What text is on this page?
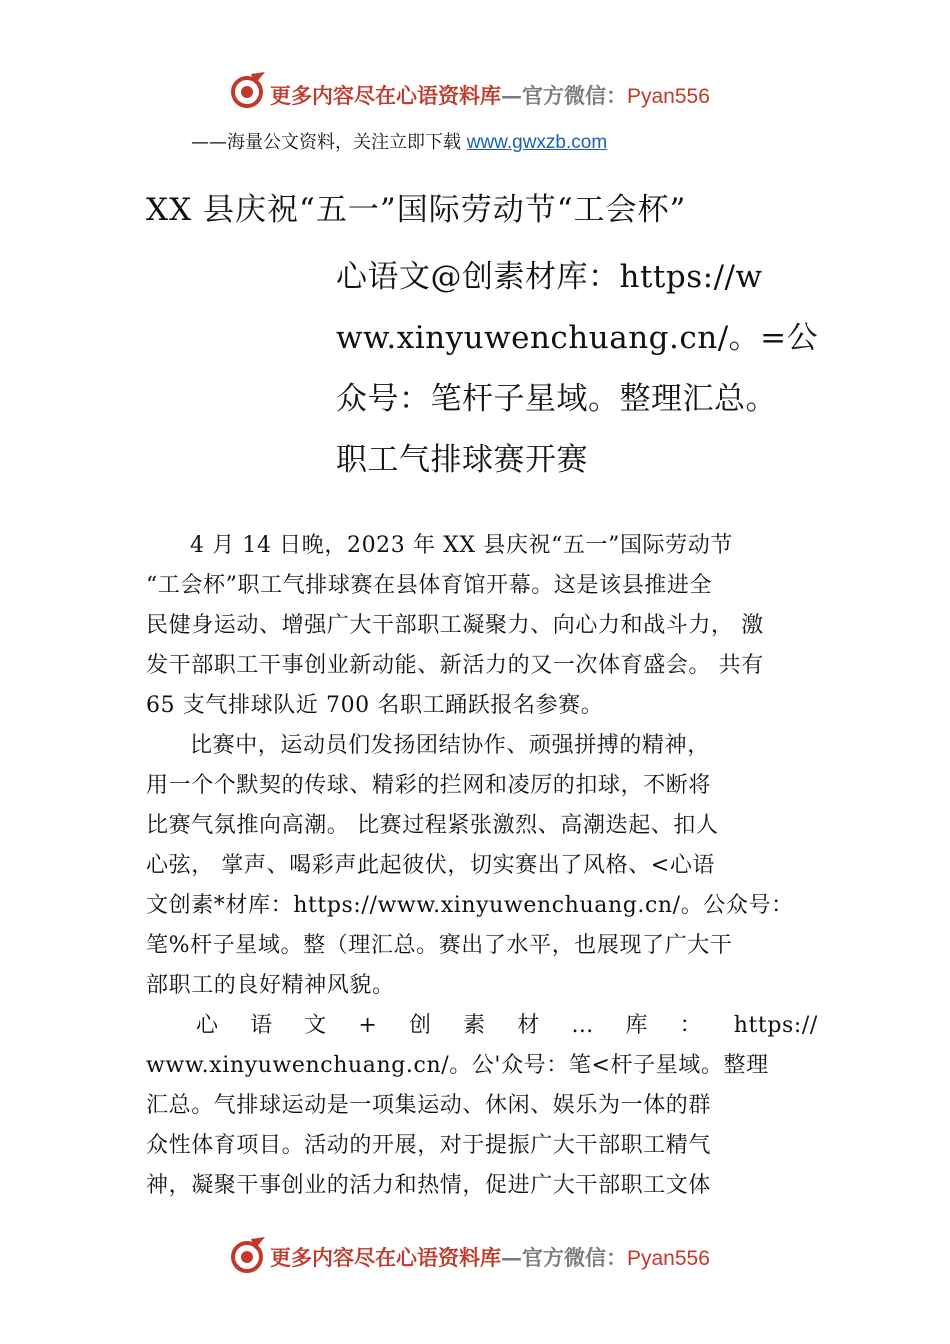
更多内容尽在心语资料库—官方微信：Pyan556
——海量公文资料，关注立即下载 www.gwxzb.com
XX 县庆祝“五一”国际劳动节“工会杯”
心语文@创素材库：https://w
ww.xinyuwenchuang.cn/。=公
众号：笔杆子星域。整理汇总。
职工气排球赛开赛
4 月 14 日晚，2023 年 XX 县庆祝“五一”国际劳动节
“工会杯”职工气排球赛在县体育馆开幕。这是该县推进全
民健身运动、增强广大干部职工凝聚力、向心力和战斗力， 激
发干部职工干事创业新动能、新活力的又一次体育盛会。 共有
65 支气排球队近 700 名职工踊跃报名参赛。
比赛中，运动员们发扬团结协作、顽强拼搏的精神，
用一个个默契的传球、精彩的拦网和凌厉的扣球，不断将
比赛气氛推向高潮。 比赛过程紧张激烈、高潮迭起、扣人
心弦， 掌声、喝彩声此起彼伏，切实赛出了风格、<心语
文创素*材库：https://www.xinyuwenchuang.cn/。公众号：
笔%杆子星域。整（理汇总。赛出了水平，也展现了广大干
部职工的良好精神风貌。
心 语 文 + 创 素 材 … 库 ： https://
www.xinyuwenchuang.cn/。公'众号：笔<杆子星域。整理
汇总。气排球运动是一项集运动、休闲、娱乐为一体的群
众性体育项目。活动的开展，对于提振广大干部职工精气
神，凝聚干事创业的活力和热情，促进广大干部职工文体
更多内容尽在心语资料库—官方微信：Pyan556
